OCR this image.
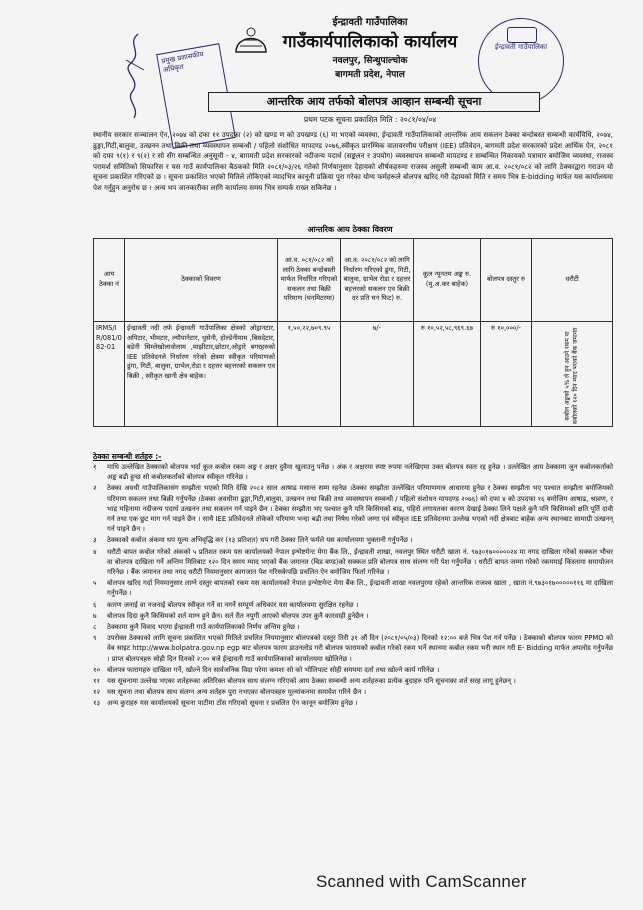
ईन्द्रावती गाउँपालिका
गाउँकार्यपालिकाको कार्यालय
नवलपुर, सिन्धुपाल्चोक
बागमती प्रदेश, नेपाल
प्रमुख प्रशासकीय अधिकृत
ईन्द्रावती गाउँपालिका
आन्तरिक आय तर्फको बोलपत्र आव्हान सम्बन्धी सूचना
प्रथम पटक सूचना प्रकाशित मिति : २०८१/०४/०४
स्थानीय सरकार सञ्चालन ऐन, २०७४ को दफा ११ उपदफा (२) को खण्ड ण को उपखण्ड (६) मा भएको व्यवस्था, ईन्द्रावती गाउँपालिकाको आन्तरिक आय सकलन ठेक्का बन्दोबस्त सम्बन्धी कार्यविधि, २०७४, ढुङ्गा,गिटी,बालुवा, उत्खनन तथा बिक्री तथा व्यवस्थापन सम्बन्धी / पहिलो संशोधित मापदण्ड २०७६,स्वीकृत प्रारम्भिक वातावरणीय परीक्षण (IEE) प्रतिवेदन, बागमती प्रदेश सरकारको प्रदेश आर्थिक ऐन, २०८१ को दफा ९(१) र ९(२) र सो सँग सम्बन्धित अनुसूची - ४, बागमती प्रदेश सरकारको नदीजन्य पदार्थ (सङ्कलन र उपयोग) व्यवस्थापन सम्बन्धी मापदण्ड र सम्बन्धित निकायको पत्राचार बमोजिम व्यवस्था, राजस्व परामर्श समितिको सिफारिस र यस गाउँ कार्यपालिका बैठकको मिति २०८१/०३/२६ गतेको निर्णयानुसार देहायको शीर्षकहरुमा राजस्व असुली सम्बन्धी काम आ.व. २०८१/०८२ को लागि ठेक्काद्वारा गराउन यो सूचना प्रकाशित गरिएको छ । सूचना प्रकाशित भएको मितिले तोकिएको म्यादभित्र कानूनी प्रक्रिया पुरा गरेका योग्य फर्महरूले बोलपत्र खरिद गरी देहायको मिति र समय भित्र E-bidding मार्फत यस कार्यालयमा पेश गर्नुहुन अनुरोध छ । अन्य थप जानकारीका लागि कार्यालय समय भित्र सम्पर्क राख्न सकिनेछ ।
आन्तरिक आय ठेक्का विवरण
आय ठेक्का नं	ठेक्काको विवरण	आ.व. ०८१/०८२ को लागि ठेक्का बन्दोबस्ती मार्फत निर्धारित गरिएको सकलन तथा बिक्री परिमाण (घनमिटरमा)	आ.व. २०८१/०८२ को लागि निर्धारण गरिएको ढुंगा, गिटी, बालुवा, ग्राभेल रोडा र दहत्तर बहत्तरको सकलन एव बिक्री दर प्रति घन फिट) रु.	कूल न्यूनतम अङ्क रु. (मु.अ.कर बाहेक)	बोलपत्र दस्तुर रु	धरौटी
IRMS/IR/081/082-01	ईन्द्रावती नदी तर्फ ईन्द्रावती गाउँपालिका क्षेत्रको ओड्रानटार, अपिटार, भीमटार, ल्यौपानेटार, धुसेनी, होल्डेनीमाम ,बिसदेटार, बडेनी सिम्लेखोलावोलाम ,माझीटार,छोटार,ओड्रारे बगरहरुको IEE प्रतिवेदनले निर्धारण गरेको क्षेत्रमा स्वीकृत परिमाणको ढुंगा, गिटी, बालुवा, ग्राभेल,रोडा र दहत्तर बहत्तरको सकलन एव बिक्री , स्वीकृत खानी क्षेत्र बाहेक।	१,५०,२२,७०९.९५	७/-	रु १०,५२,५८,९६९.६७	रु १०,०००/-	कबोल अङ्कको ५% ले हुन आउने रकम वा कबोलको १२० दिन म्याद भएको बैंक जमानत
ठेक्का सम्बन्धी शर्तहरु :-
१	माथि उल्लेखित ठेक्काको बोलपत्र भर्दा कूल कबोल रकम अङ्क र अक्षर दुवैमा खुलाउनु पर्नेछ । अंक र अक्षरमा स्पष्ट रुपमा नलेखिएमा उक्त बोलपत्र स्वतः रद्द हुनेछ । उल्लेखित आय ठेक्कामा जुन कबोलकर्ताको अङ्क बढी हुन्छ सो कबोलकर्ताको बोलपत्र स्वीकृत गरिनेछ ।
२	ठेक्का अवधी गाउँपालिकासंग सम्झौता भएको मिति देखि २०८२ साल आषाढ मसान्त सम्म रहनेछ ।ठेक्का सम्झौता उल्लेखित परिमाणमात्र आधारमा हुनेछ र ठेक्का सम्झौता भए पश्चात सम्झौता बमोजिमको परिमाण सकलन तथा बिक्री गर्नुपर्नेछ ।ठेक्का अवधीमा ढुङ्गा,गिटी,बालुवा, उत्खनन तथा बिक्री तथा व्यवस्थापन सम्बन्धी / पहिलो संशोधन मापदण्ड २०७६) को दफा ४ को उपदफा १६ बमोजिम आषाढ, श्रावण, र भाद्र महिनामा नदीजन्य पदार्थ उत्खनन तथा सकलन गर्न पाइने छैन । ठेक्का सम्झौता भए पश्चात कुनै पनि किसिमको बाढ, पहिरो लगायतका कारण देखाई ठेक्का लिने पक्षले कुनै पनि किसिमको क्षति पूर्ति दावी गर्न तथा एक छुट माग गर्न पाइने छैन । साथै IEE प्रतिवेदनले तोकेको परिमाण भन्दा बढी तथा निषेध गरेको जग्गा एवं स्वीकृत IEE प्रतिवेदनमा उल्लेख भएको नदी क्षेत्रबाट बाहेक अन्य स्थानबाट सामाग्री उत्खनन् गर्न पाइने छैन ।
३	ठेक्काको कबोल अंकमा थप मूल्य अभिवृद्धि कर (१३ प्रतिशत) थप गरी ठेक्का लिने फर्मले यस कार्यालयमा भुक्तानी गर्नुपर्नेछ ।
४	धरौटी बापत कबोल गरेको अंकको ५ प्रतिशत रकम यस कार्यालयको नेपाल इन्भेष्टमेन्ट मेगा बैंक लि., ईन्द्रावती शाखा, नवलपुर स्थित धरौटी खाता नं. ९७३०१७०००००२४ मा नगद दाखिला गरेको सक्कल भौचर वा बोलपत्र दाखिला गर्ने अन्तिम मितिबाट १२० दिन समय म्याद भएको बैंक जमानत (बिड बण्ड)को सक्कल प्रति बोलपत्र साथ संलग्न गरी पेश गर्नुपर्नेछ । धरौटी बापत जम्मा गरेको रकममाई किस्तामा समायोजन गरिनेछ । बैंक जमानत तथा नगद धरौटी नियमानुसार कागजात पेश गरिसकेपछि प्रचलित ऐन बमोजिम फिर्ता गरिनेछ ।
५	बोलपत्र खरिद गर्दा नियमानुसार लाग्ने दस्तुर बापतको रकम यस कार्यालयको नेपाल इन्भेष्टमेन्ट मेगा बैंक लि., ईन्द्रावती शाखा नवलपुरमा रहेको आन्तरिक राजश्व खाता , खाता नं.९७३०१७०००००११६ मा दाखिला गर्नुपर्नेछ ।
६	कारण जनाई वा नजनाई बोलपत्र स्वीकृत गर्ने वा नगर्ने सम्पूर्ण अधिकार यस कार्यालयमा सुरक्षित रहनेछ ।
७	बोलपत्र दिदा कुनै किसिमको शर्त माग्न हुने छैन। सर्त रीत नपुगी आएको बोलपत्र उपर कुनै कारवाही हुनेछैन ।
८	ठेक्कामा कुनै विवाद भएमा ईन्द्रावती गाउँ कार्यपालिकाको निर्णय अन्तिम हुनेछ ।
९	उपरोक्त ठेक्काको लागि सूचना प्रकाशित भएको मितिले प्रचलित नियमानुसार बोलपत्रको दस्तुर तिरी ३१ औं दिन (२०८१/०५/०३) दिनको १२:०० बजे भित्र पेश गर्न पर्नेछ । ठेक्काको बोलपत्र फारम PPMO को वेब साइट http://www.bolpatra.gov.np egp बाट बोलपत्र फारम डाउनलोड गरी बोलपत्र फारामको कबोल गरेको रकम भर्ने स्थानमा कबोल रकम भरी स्थान गरी E- Bidding मार्फत अपलोड गर्नुपर्नेछ । प्राप्त बोलपत्रहरु सोही दिन दिनको २:०० बजे ईन्द्रावती गाउँ कार्यपालिकाको कार्यालयमा खोलिनेछ ।
१०	बोलपत्र फारामहरु दाखिला गर्ने, खोल्ने दिन सार्वजनिक विदा परेमा कमशः सो को भोलिपल्ट सोही समयमा दर्ता तथा खोल्ने कार्य गरिनेछ ।
११	यस सूचनामा उल्लेख भएका शर्तहरुका अतिरिक्त बोलपत्र साथ संलग्न गरिएको आय ठेक्का सम्बन्धी अन्य शर्तहरुका प्रत्येक बुदाहरु पनि सूचनाका शर्त सरह लागू हुनेछन् ।
१२	यस सूचना तथा बोलपत्र साथ संलग्न अन्य शर्तहरु पुरा नभएका बोलपत्रहरु मूल्यांकनमा समावेश गरिने छैन ।
१३	अन्य कुराहरु यस कार्यालयको सूचना पाटीमा टाँस गरिएको सूचना र प्रचलित ऐन कानून बमोजिम हुनेछ ।
Scanned with CamScanner
